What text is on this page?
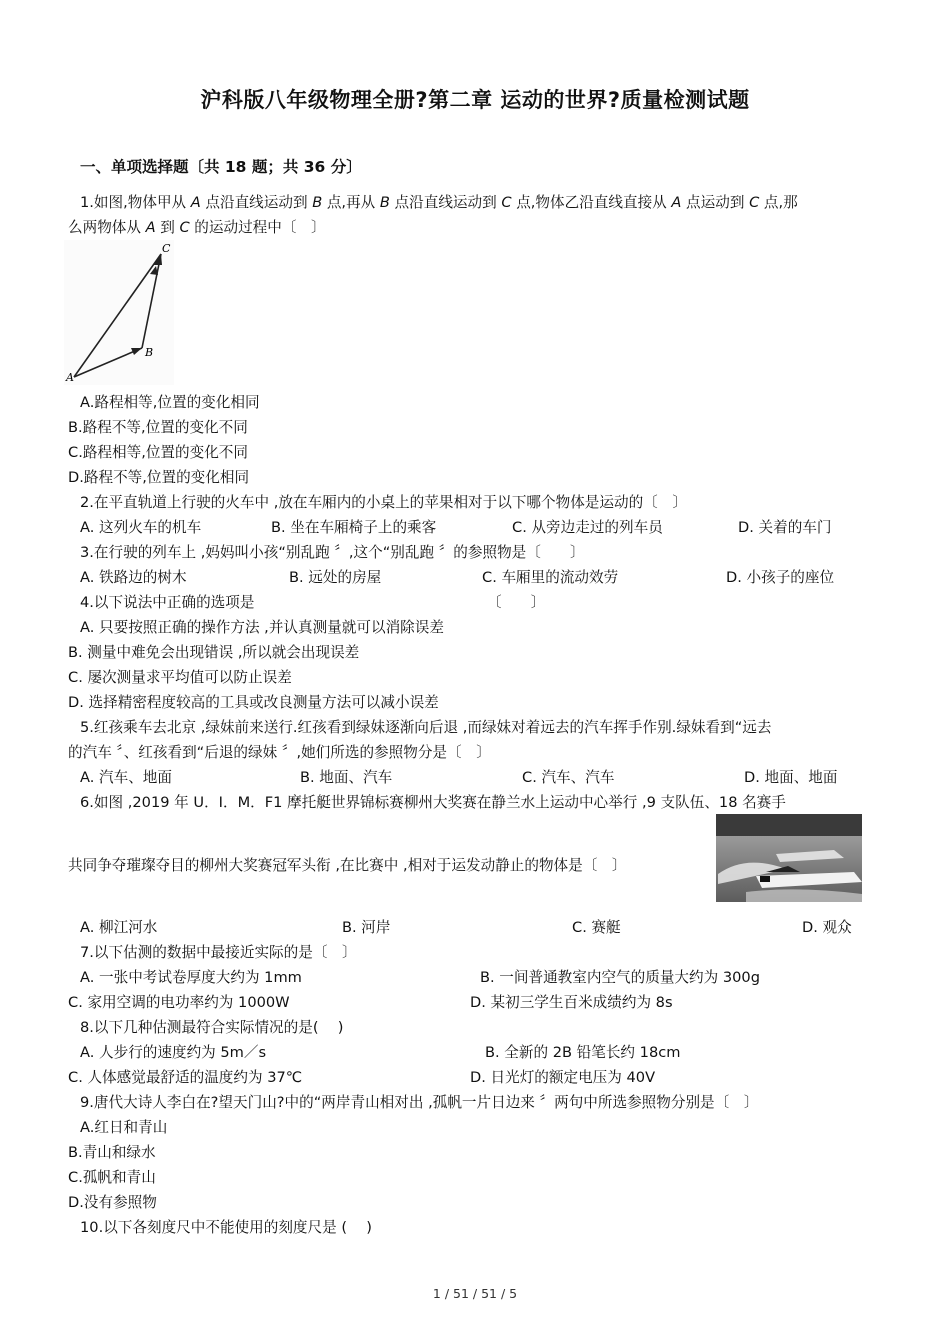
沪科版八年级物理全册?第二章 运动的世界?质量检测试题
一、单项选择题〔共 18 题；共 36 分〕
1.如图,物体甲从 A 点沿直线运动到 B 点,再从 B 点沿直线运动到 C 点,物体乙沿直线直接从 A 点运动到 C 点,那
么两物体从 A 到 C 的运动过程中〔　〕
C
B
A
A.路程相等,位置的变化相同
B.路程不等,位置的变化不同
C.路程相等,位置的变化不同
D.路程不等,位置的变化相同
2.在平直轨道上行驶的火车中 ,放在车厢内的小桌上的苹果相对于以下哪个物体是运动的〔　〕
A. 这列火车的机车	B. 坐在车厢椅子上的乘客	C. 从旁边走过的列车员	D. 关着的车门
3.在行驶的列车上 ,妈妈叫小孩“别乱跑 〞,这个“别乱跑 〞的参照物是〔　　〕
A. 铁路边的树木	B. 远处的房屋	C. 车厢里的流动效劳	D. 小孩子的座位
4.以下说法中正确的选项是	〔　　〕
A. 只要按照正确的操作方法 ,并认真测量就可以消除误差
B. 测量中难免会出现错误 ,所以就会出现误差
C. 屡次测量求平均值可以防止误差
D. 选择精密程度较高的工具或改良测量方法可以减小误差
5.红孩乘车去北京 ,绿妹前来送行.红孩看到绿妹逐渐向后退 ,而绿妹对着远去的汽车挥手作别.绿妹看到“远去
的汽车 〞、红孩看到“后退的绿妹 〞,她们所选的参照物分是〔　〕
A. 汽车、地面	B. 地面、汽车	C. 汽车、汽车	D. 地面、地面
6.如图 ,2019 年 U．I．M．F1 摩托艇世界锦标赛柳州大奖赛在静兰水上运动中心举行 ,9 支队伍、18 名赛手
共同争夺璀璨夺目的柳州大奖赛冠军头衔 ,在比赛中 ,相对于运发动静止的物体是〔　〕
A. 柳江河水	B. 河岸	C. 赛艇	D. 观众
7.以下估测的数据中最接近实际的是〔　〕
A. 一张中考试卷厚度大约为 1mm	B. 一间普通教室内空气的质量大约为 300g
C. 家用空调的电功率约为 1000W	D. 某初三学生百米成绩约为 8s
8.以下几种估测最符合实际情况的是(　 )
A. 人步行的速度约为 5m／s	B. 全新的 2B 铅笔长约 18cm
C. 人体感觉最舒适的温度约为 37℃	D. 日光灯的额定电压为 40V
9.唐代大诗人李白在?望天门山?中的“两岸青山相对出 ,孤帆一片日边来 〞两句中所选参照物分别是〔　〕
A.红日和青山
B.青山和绿水
C.孤帆和青山
D.没有参照物
10.以下各刻度尺中不能使用的刻度尺是 (　 )
1 / 51 / 51 / 5
